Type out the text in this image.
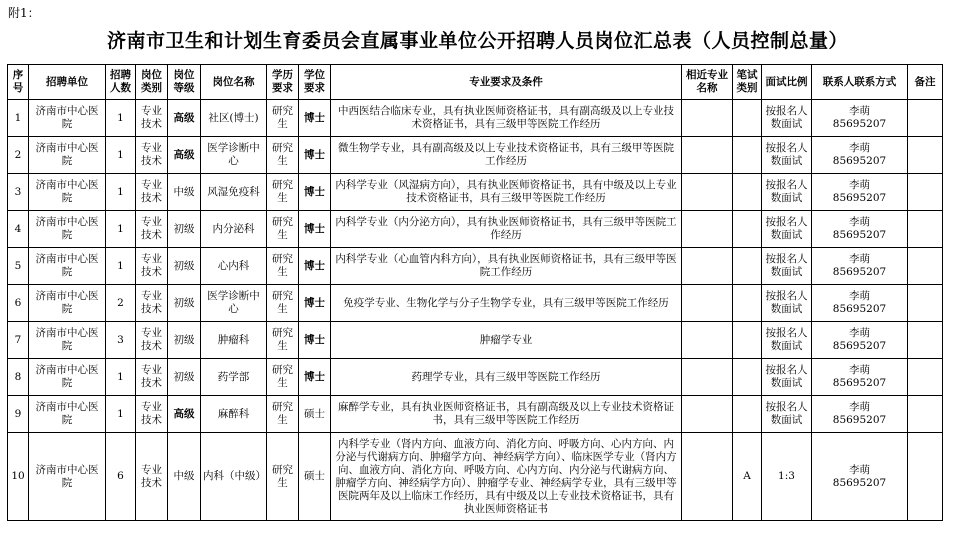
附1：
济南市卫生和计划生育委员会直属事业单位公开招聘人员岗位汇总表（人员控制总量）
序号	招聘单位	招聘人数	岗位类别	岗位等级	岗位名称	学历要求	学位要求	专业要求及条件	相近专业名称	笔试类别	面试比例	联系人联系方式	备注
1	济南市中心医院	1	专业技术	高级	社区(博士)	研究生	博士	中西医结合临床专业，具有执业医师资格证书，具有副高级及以上专业技术资格证书，具有三级甲等医院工作经历			按报名人数面试	李萌
85695207	

2	济南市中心医院	1	专业技术	高级	医学诊断中心	研究生	博士	微生物学专业，具有副高级及以上专业技术资格证书，具有三级甲等医院工作经历			按报名人数面试	李萌
85695207	

3	济南市中心医院	1	专业技术	中级	风湿免疫科	研究生	博士	内科学专业（风湿病方向），具有执业医师资格证书，具有中级及以上专业技术资格证书，具有三级甲等医院工作经历			按报名人数面试	李萌
85695207	

4	济南市中心医院	1	专业技术	初级	内分泌科	研究生	博士	内科学专业（内分泌方向），具有执业医师资格证书，具有三级甲等医院工作经历			按报名人数面试	李萌
85695207	

5	济南市中心医院	1	专业技术	初级	心内科	研究生	博士	内科学专业（心血管内科方向），具有执业医师资格证书，具有三级甲等医院工作经历			按报名人数面试	李萌
85695207	

6	济南市中心医院	2	专业技术	初级	医学诊断中心	研究生	博士	免疫学专业、生物化学与分子生物学专业，具有三级甲等医院工作经历			按报名人数面试	李萌
85695207	

7	济南市中心医院	3	专业技术	初级	肿瘤科	研究生	博士	肿瘤学专业			按报名人数面试	李萌
85695207	

8	济南市中心医院	1	专业技术	初级	药学部	研究生	博士	药理学专业，具有三级甲等医院工作经历			按报名人数面试	李萌
85695207	

9	济南市中心医院	1	专业技术	高级	麻醉科	研究生	硕士	麻醉学专业，具有执业医师资格证书，具有副高级及以上专业技术资格证书，具有三级甲等医院工作经历			按报名人数面试	李萌
85695207	

10	济南市中心医院	6	专业技术	中级	内科（中级）	研究生	硕士	内科学专业（肾内方向、血液方向、消化方向、呼吸方向、心内方向、内分泌与代谢病方向、肿瘤学方向、神经病学方向）、临床医学专业（肾内方向、血液方向、消化方向、呼吸方向、心内方向、内分泌与代谢病方向、肿瘤学方向、神经病学方向）、肿瘤学专业、神经病学专业，具有三级甲等医院两年及以上临床工作经历，具有中级及以上专业技术资格证书，具有执业医师资格证书		A	1:3	李萌
85695207	
